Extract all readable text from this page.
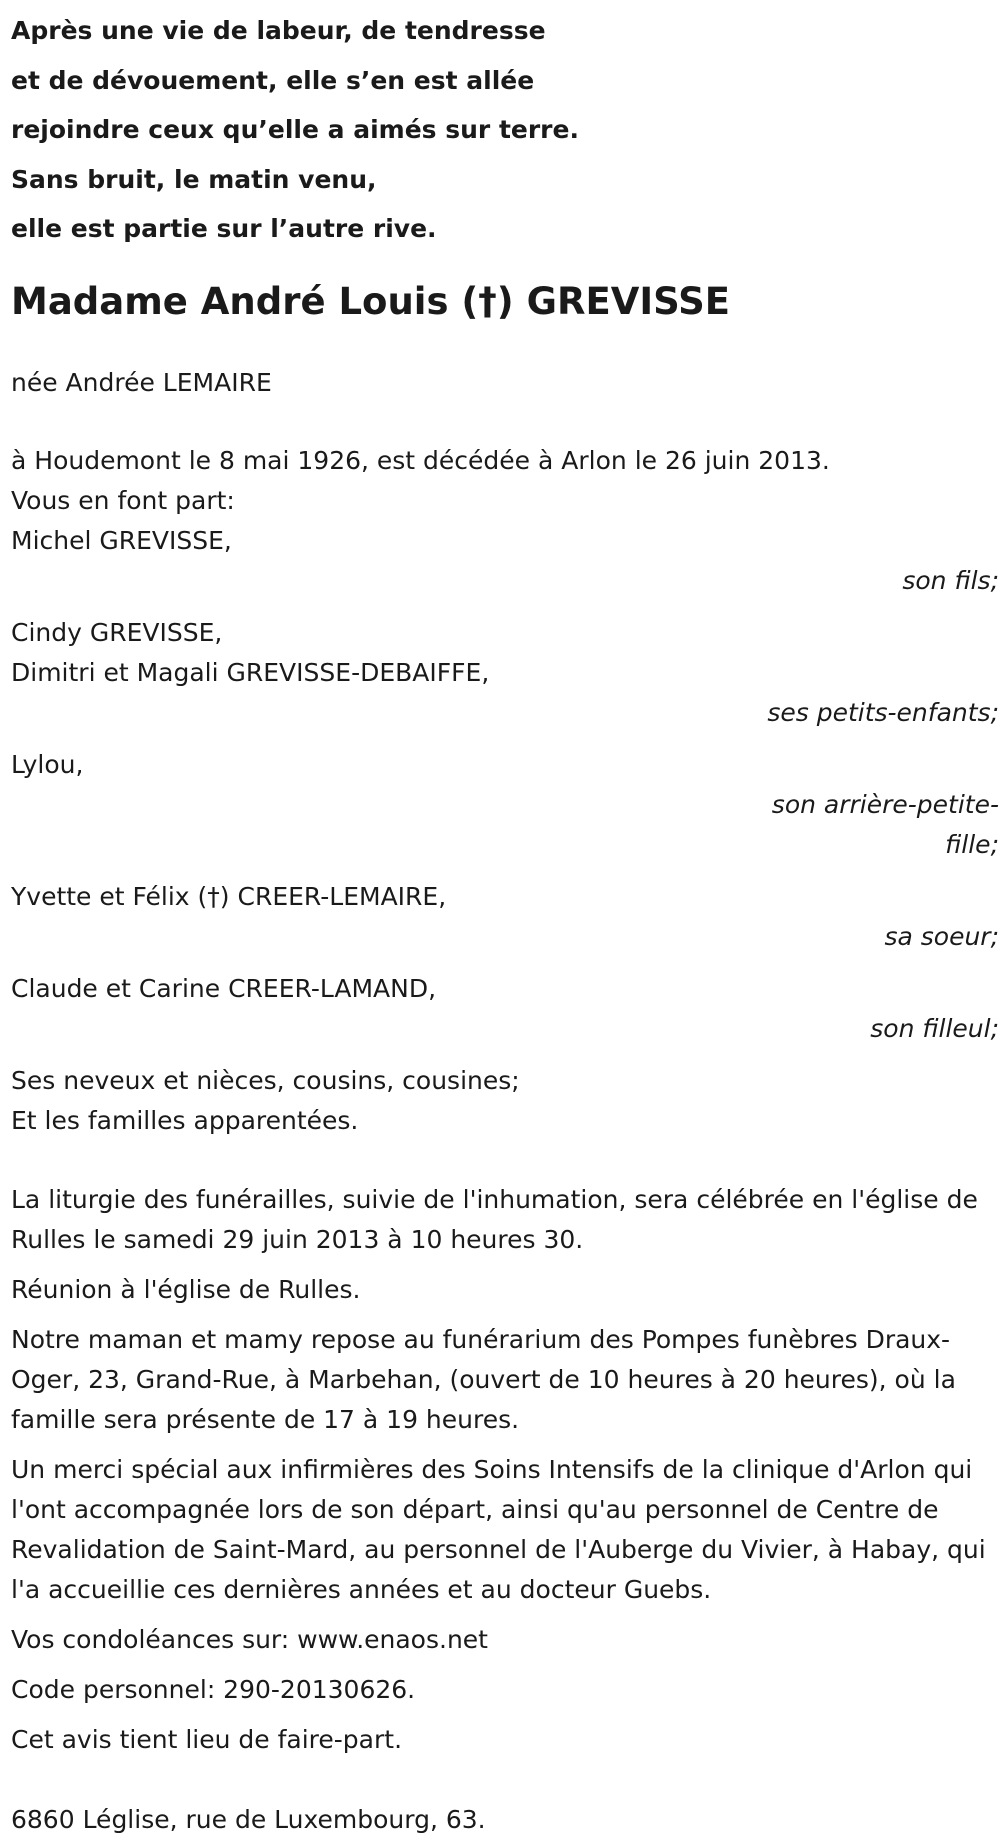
Après une vie de labeur, de tendresse

et de dévouement, elle s’en est allée

rejoindre ceux qu’elle a aimés sur terre.

Sans bruit, le matin venu,

elle est partie sur l’autre rive.

Madame André Louis (†) GREVISSE

née Andrée LEMAIRE

à Houdemont le 8 mai 1926, est décédée à Arlon le 26 juin 2013.

Vous en font part:

Michel GREVISSE,

son fils;

Cindy GREVISSE,

Dimitri et Magali GREVISSE-DEBAIFFE,

ses petits-enfants;

Lylou,

son arrière-petite-fille;

Yvette et Félix (†) CREER-LEMAIRE,

sa soeur;

Claude et Carine CREER-LAMAND,

son filleul;

Ses neveux et nièces, cousins, cousines;

Et les familles apparentées.

La liturgie des funérailles, suivie de l'inhumation, sera célébrée en l'église de Rulles le samedi 29 juin 2013 à 10 heures 30.

Réunion à l'église de Rulles.

Notre maman et mamy repose au funérarium des Pompes funèbres Draux-Oger, 23, Grand-Rue, à Marbehan, (ouvert de 10 heures à 20 heures), où la famille sera présente de 17 à 19 heures.

Un merci spécial aux infirmières des Soins Intensifs de la clinique d'Arlon qui l'ont accompagnée lors de son départ, ainsi qu'au personnel de Centre de Revalidation de Saint-Mard, au personnel de l'Auberge du Vivier, à Habay, qui l'a accueillie ces dernières années et au docteur Guebs.

Vos condoléances sur: www.enaos.net

Code personnel: 290-20130626.

Cet avis tient lieu de faire-part.

6860 Léglise, rue de Luxembourg, 63.
